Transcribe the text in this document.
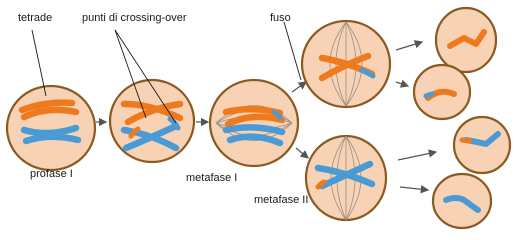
tetrade	punti di crossing-over	fuso
profase I	metafase I
metafase II
